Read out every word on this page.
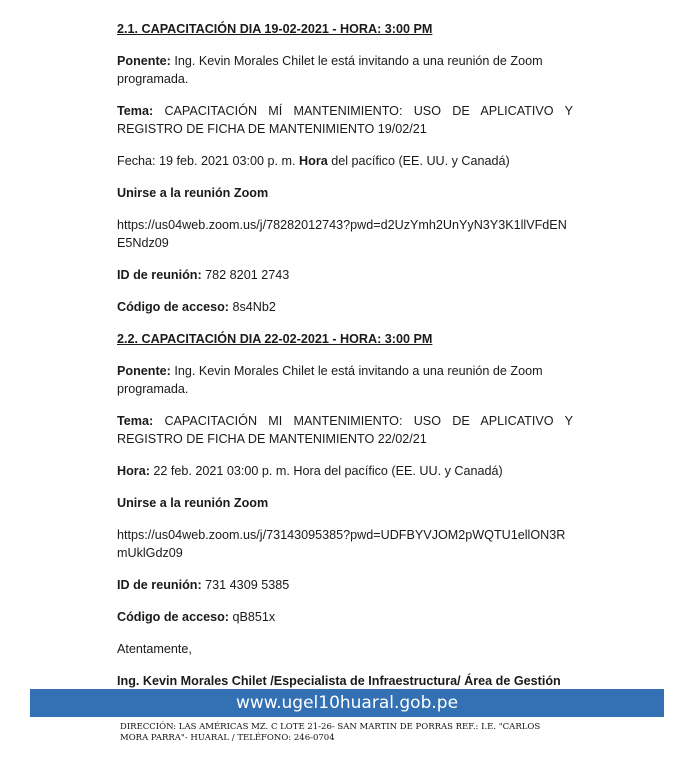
2.1. CAPACITACIÓN DIA 19-02-2021 - HORA: 3:00 PM

Ponente: Ing. Kevin Morales Chilet le está invitando a una reunión de Zoom programada.

Tema: CAPACITACIÓN MÍ MANTENIMIENTO: USO DE APLICATIVO Y REGISTRO DE FICHA DE MANTENIMIENTO 19/02/21

Fecha: 19 feb. 2021 03:00 p. m. Hora del pacífico (EE. UU. y Canadá)

Unirse a la reunión Zoom

https://us04web.zoom.us/j/78282012743?pwd=d2UzYmh2UnYyN3Y3K1llVFdENE5Ndz09

ID de reunión: 782 8201 2743

Código de acceso: 8s4Nb2

2.2. CAPACITACIÓN DIA 22-02-2021 - HORA: 3:00 PM

Ponente: Ing. Kevin Morales Chilet le está invitando a una reunión de Zoom programada.

Tema: CAPACITACIÓN MI MANTENIMIENTO: USO DE APLICATIVO Y REGISTRO DE FICHA DE MANTENIMIENTO 22/02/21

Hora: 22 feb. 2021 03:00 p. m. Hora del pacífico (EE. UU. y Canadá)

Unirse a la reunión Zoom

https://us04web.zoom.us/j/73143095385?pwd=UDFBYVJOM2pWQTU1ellON3RmUklGdz09

ID de reunión: 731 4309 5385

Código de acceso: qB851x

Atentamente,

Ing. Kevin Morales Chilet /Especialista de Infraestructura/ Área de Gestión

www.ugel10huaral.gob.pe
DIRECCIÓN: LAS AMÉRICAS MZ. C LOTE 21-26- SAN MARTIN DE PORRAS REF.: I.E. "CARLOS MORA PARRA"- HUARAL / TELÉFONO: 246-0704
